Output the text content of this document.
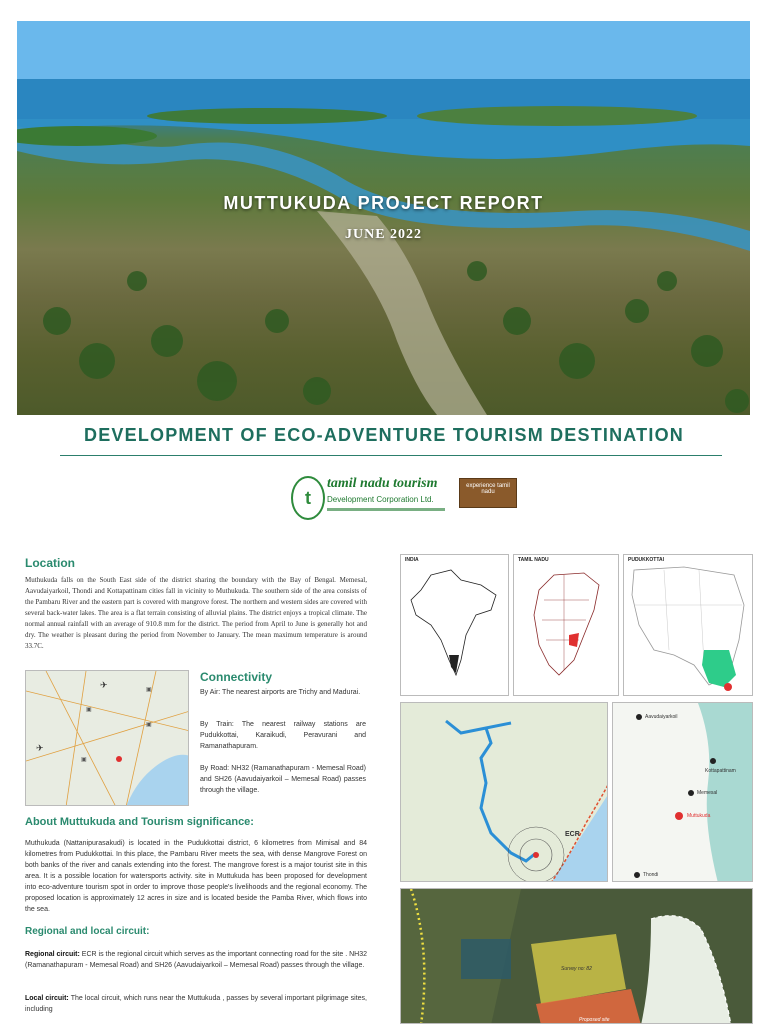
MUTTUKUDA PROJECT REPORT
JUNE 2022
DEVELOPMENT OF ECO-ADVENTURE TOURISM DESTINATION
t
tamil nadu tourism
Development Corporation Ltd.
experience tamil nadu
Location
Muthukuda falls on the South East side of the district sharing the boundary with the Bay of Bengal. Memesal, Aavudaiyarkoil, Thondi and Kottapattinam cities fall in vicinity to Muthukuda. The southern side of the area consists of the Pambaru River and the eastern part is covered with mangrove forest. The northern and western sides are covered with several back-water lakes. The area is a flat terrain consisting of alluvial plains. The district enjoys a tropical climate. The normal annual rainfall with an average of 910.8 mm for the district. The period from April to June is generally hot and dry. The weather is pleasant during the period from November to January. The mean maximum temperature is around 33.7C.
✈
✈
▣
▣
▣
▣
Connectivity
By Air: The nearest airports are Trichy and Madurai.
By Train: The nearest railway stations are Pudukkottai, Karaikudi, Peravurani and Ramanathapuram.
By Road: NH32 (Ramanathapuram - Memesal Road) and SH26 (Aavudaiyarkoil – Memesal Road) passes through the village.
About Muttukuda and Tourism significance:
Muthukuda (Nattanipurasakudi) is located in the Pudukkottai district, 6 kilometres from Mimisal and 84 kilometres from Pudukkottai. In this place, the Pambaru River meets the sea, with dense Mangrove Forest on both banks of the river and canals extending into the forest. The mangrove forest is a major tourist site in this area. It is a possible location for watersports activity. site in Muttukuda has been proposed for development into eco-adventure tourism spot in order to improve those people's livelihoods and the regional economy. The proposed location is approximately 12 acres in size and is located beside the Pamba River, which flows into the sea.
Regional and local circuit:
Regional circuit: ECR is the regional circuit which serves as the important connecting road for the site . NH32 (Ramanathapuram - Memesal Road) and SH26 (Aavudaiyarkoil – Memesal Road) passes through the village.
Local circuit: The local circuit, which runs near the Muttukuda , passes by several important pilgrimage sites, including
INDIA	TAMIL NADU	PUDUKKOTTAI
ECR
Aavudaiyarkoil
Kottapattinam
Memesal
Muttukuda
Thondi
Survey no: 82
Proposed site
